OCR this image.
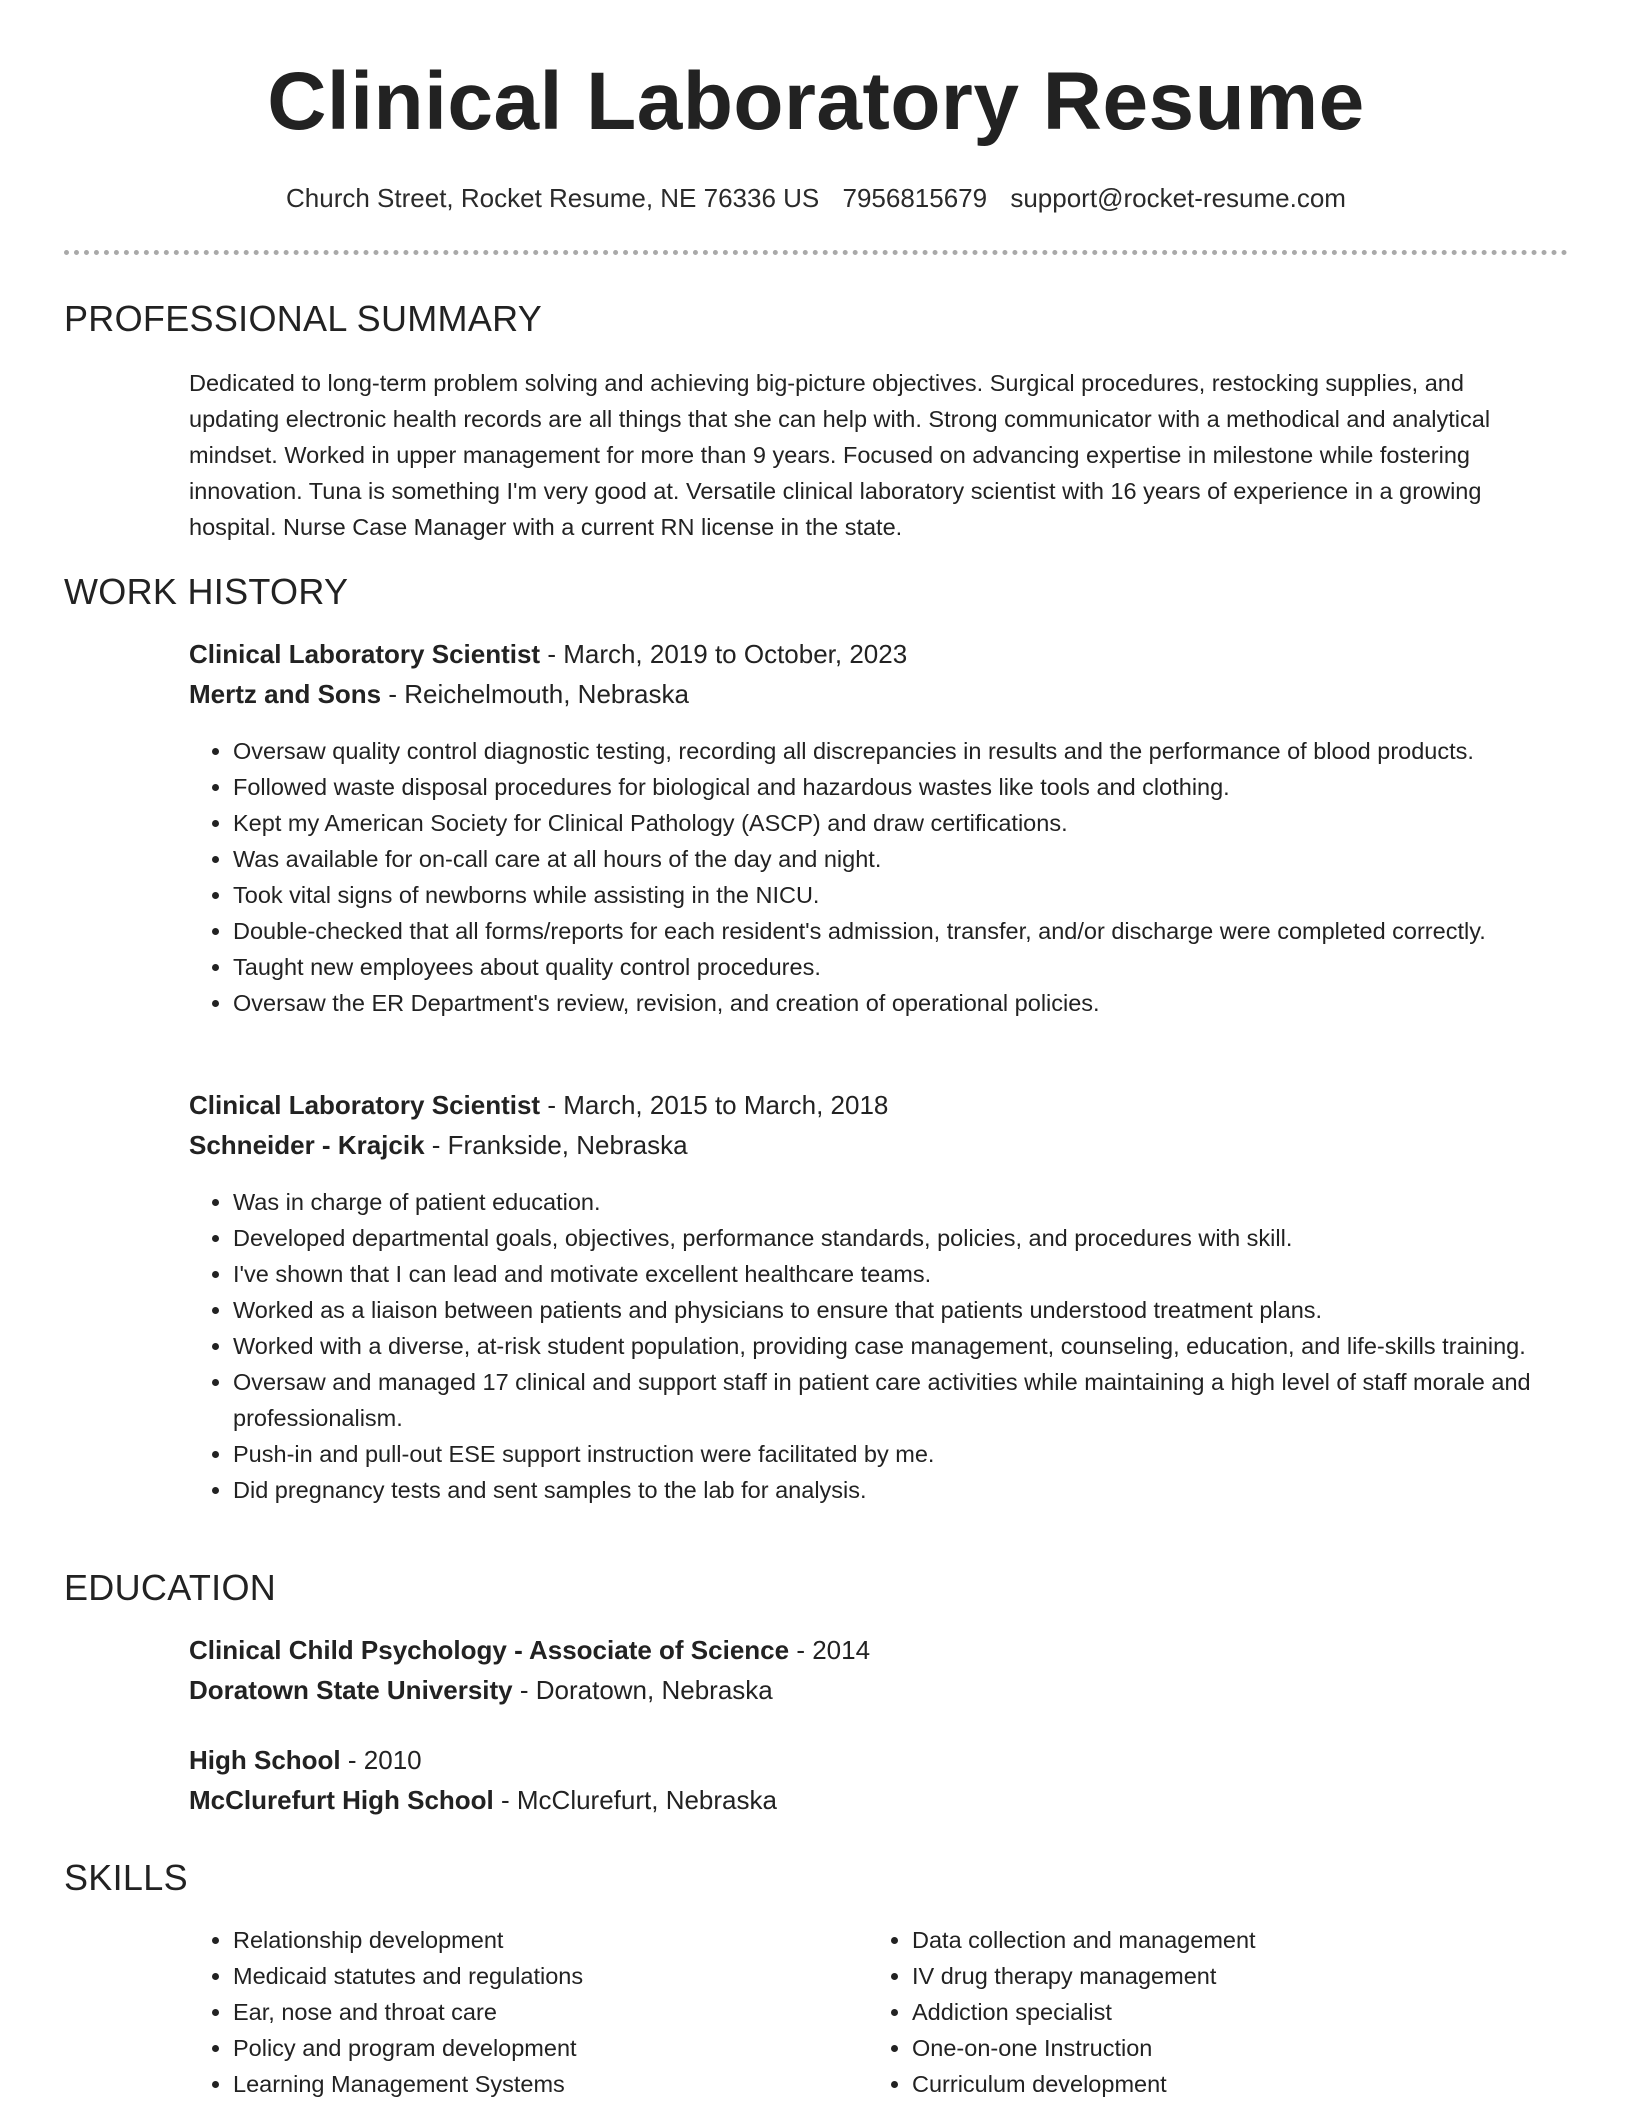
Clinical Laboratory Resume
Church Street, Rocket Resume, NE 76336 US 7956815679 support@rocket-resume.com
PROFESSIONAL SUMMARY

Dedicated to long-term problem solving and achieving big-picture objectives. Surgical procedures, restocking supplies, and updating electronic health records are all things that she can help with. Strong communicator with a methodical and analytical mindset. Worked in upper management for more than 9 years. Focused on advancing expertise in milestone while fostering innovation. Tuna is something I'm very good at. Versatile clinical laboratory scientist with 16 years of experience in a growing hospital. Nurse Case Manager with a current RN license in the state.

WORK HISTORY
Clinical Laboratory Scientist - March, 2019 to October, 2023
Mertz and Sons - Reichelmouth, Nebraska
• Oversaw quality control diagnostic testing, recording all discrepancies in results and the performance of blood products.
• Followed waste disposal procedures for biological and hazardous wastes like tools and clothing.
• Kept my American Society for Clinical Pathology (ASCP) and draw certifications.
• Was available for on-call care at all hours of the day and night.
• Took vital signs of newborns while assisting in the NICU.
• Double-checked that all forms/reports for each resident's admission, transfer, and/or discharge were completed correctly.
• Taught new employees about quality control procedures.
• Oversaw the ER Department's review, revision, and creation of operational policies.
Clinical Laboratory Scientist - March, 2015 to March, 2018
Schneider - Krajcik - Frankside, Nebraska
• Was in charge of patient education.
• Developed departmental goals, objectives, performance standards, policies, and procedures with skill.
• I've shown that I can lead and motivate excellent healthcare teams.
• Worked as a liaison between patients and physicians to ensure that patients understood treatment plans.
• Worked with a diverse, at-risk student population, providing case management, counseling, education, and life-skills training.
• Oversaw and managed 17 clinical and support staff in patient care activities while maintaining a high level of staff morale and professionalism.
• Push-in and pull-out ESE support instruction were facilitated by me.
• Did pregnancy tests and sent samples to the lab for analysis.
EDUCATION
Clinical Child Psychology - Associate of Science - 2014
Doratown State University - Doratown, Nebraska
High School - 2010
McClurefurt High School - McClurefurt, Nebraska
SKILLS
• Relationship development
• Medicaid statutes and regulations
• Ear, nose and throat care
• Policy and program development
• Learning Management Systems
• Data collection and management
• IV drug therapy management
• Addiction specialist
• One-on-one Instruction
• Curriculum development
